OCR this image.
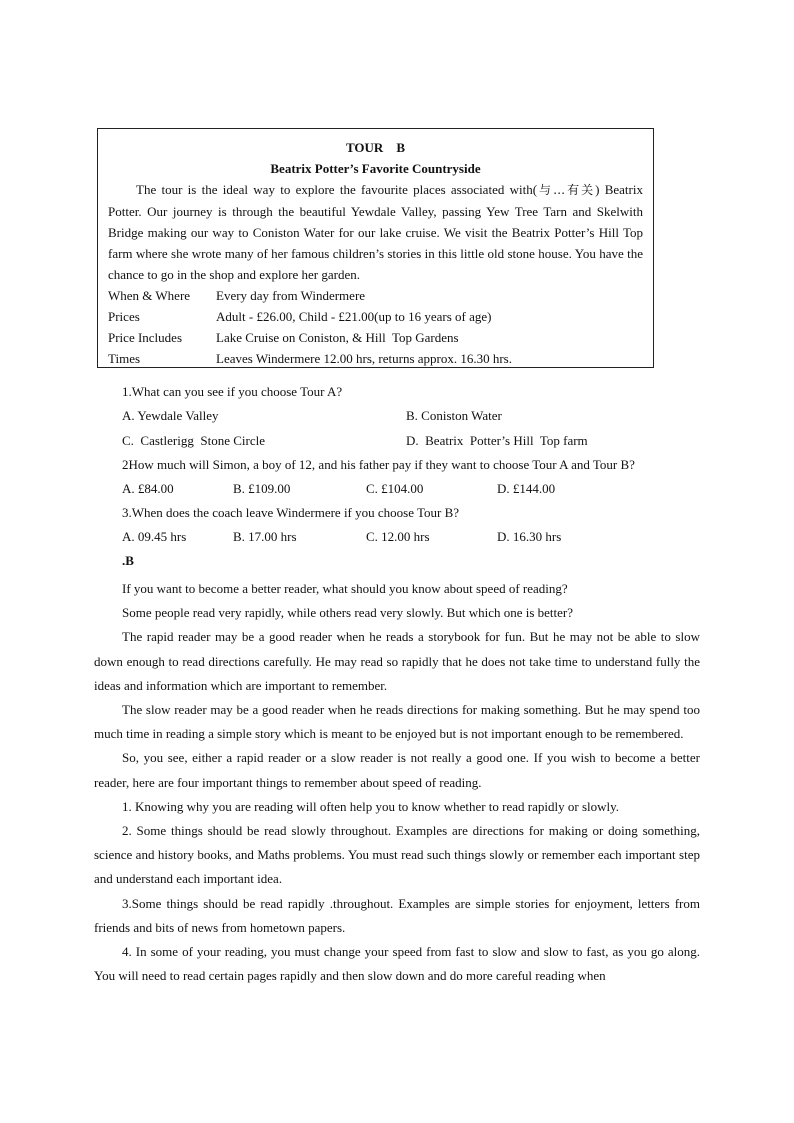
TOUR    B
Beatrix Potter’s Favorite Countryside

The tour is the ideal way to explore the favourite places associated with(与…有关) Beatrix Potter. Our journey is through the beautiful Yewdale Valley, passing Yew Tree Tarn and Skelwith Bridge making our way to Coniston Water for our lake cruise. We visit the Beatrix Potter’s Hill Top farm where she wrote many of her famous children’s stories in this little old stone house. You have the chance to go in the shop and explore her garden.

When & Where	Every day from Windermere
Prices	Adult - £26.00, Child - £21.00(up to 16 years of age)
Price Includes	Lake Cruise on Coniston, & Hill  Top Gardens
Times	Leaves Windermere 12.00 hrs, returns approx. 16.30 hrs.
1.What can you see if you choose Tour A?
A. Yewdale Valley	B. Coniston Water
C.  Castlerigg  Stone Circle	D.  Beatrix  Potter’s Hill  Top farm
2How much will Simon, a boy of 12, and his father pay if they want to choose Tour A and Tour B?
A. £84.00	B. £109.00	C. £104.00	D. £144.00
3.When does the coach leave Windermere if you choose Tour B?
A. 09.45 hrs	B. 17.00 hrs	C. 12.00 hrs	D. 16.30 hrs
.B

If you want to become a better reader, what should you know about speed of reading?

Some people read very rapidly, while others read very slowly. But which one is better?

The rapid reader may be a good reader when he reads a storybook for fun. But he may not be able to slow down enough to read directions carefully. He may read so rapidly that he does not take time to understand fully the ideas and information which are important to remember.

The slow reader may be a good reader when he reads directions for making something. But he may spend too much time in reading a simple story which is meant to be enjoyed but is not important enough to be remembered.

So, you see, either a rapid reader or a slow reader is not really a good one. If you wish to become a better reader, here are four important things to remember about speed of reading.

1. Knowing why you are reading will often help you to know whether to read rapidly or slowly.

2. Some things should be read slowly throughout. Examples are directions for making or doing something, science and history books, and Maths problems. You must read such things slowly or remember each important step and understand each important idea.

3.Some things should be read rapidly .throughout. Examples are simple stories for enjoyment, letters from friends and bits of news from hometown papers.

4. In some of your reading, you must change your speed from fast to slow and slow to fast, as you go along. You will need to read certain pages rapidly and then slow down and do more careful reading when
